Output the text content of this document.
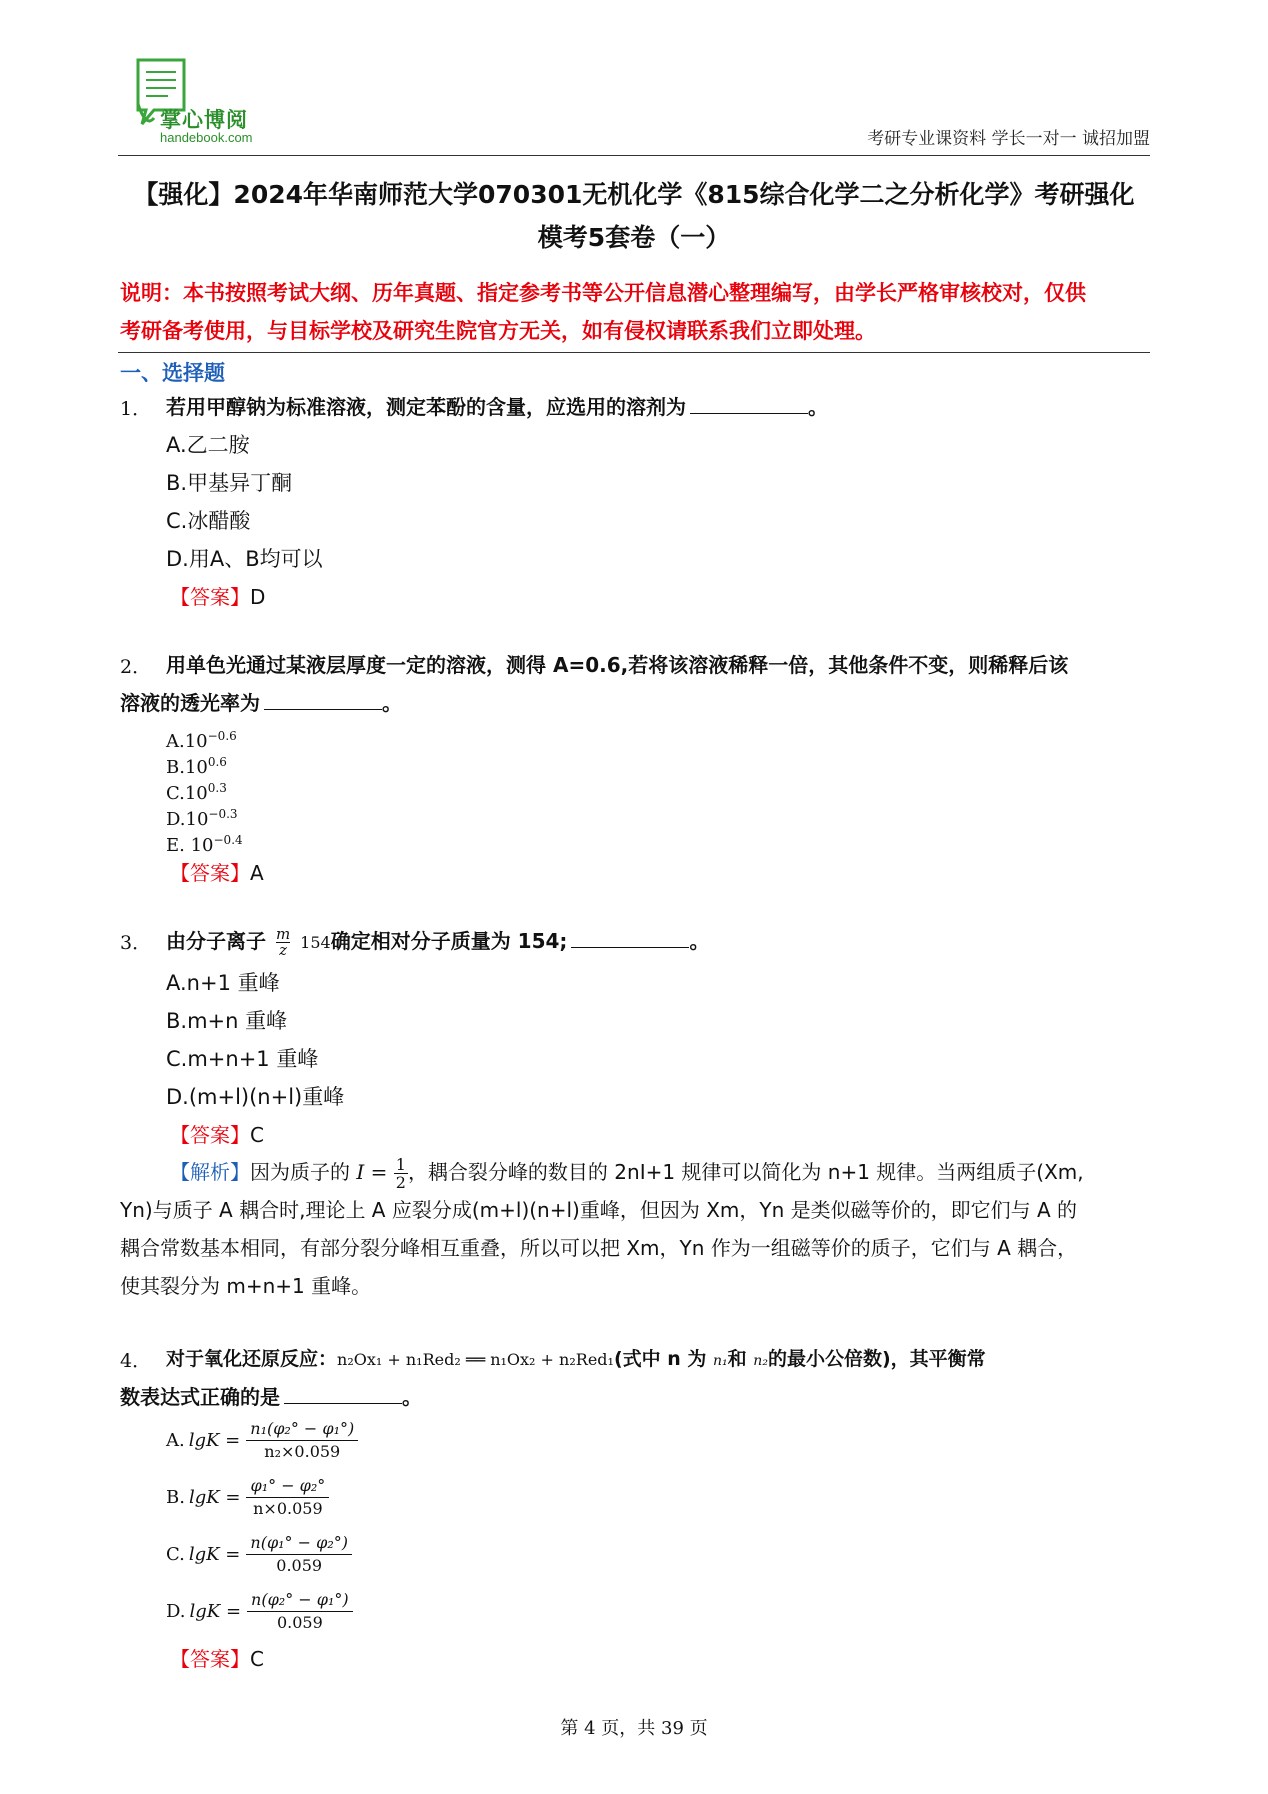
掌心博阅
handebook.com	考研专业课资料 学长一对一 诚招加盟
【强化】2024年华南师范大学070301无机化学《815综合化学二之分析化学》考研强化
模考5套卷（一）
说明：本书按照考试大纲、历年真题、指定参考书等公开信息潜心整理编写，由学长严格审核校对，仅供
考研备考使用，与目标学校及研究生院官方无关，如有侵权请联系我们立即处理。
一、选择题
1． 若用甲醇钠为标准溶液，测定苯酚的含量，应选用的溶剂为	。
A.乙二胺
B.甲基异丁酮
C.冰醋酸
D.用A、B均可以
【答案】D
2． 用单色光通过某液层厚度一定的溶液，测得 A=0.6,若将该溶液稀释一倍，其他条件不变，则稀释后该
溶液的透光率为	。
$A.10^{-0.6}$
$B.10^{0.6}$
$C.10^{0.3}$
$D.10^{-0.3}$
E. $10^{-0.4}$
【答案】A
3． 由分子离子 $\frac{m}{z} 154$确定相对分子质量为 154;	。
A.n+1 重峰
B.m+n 重峰
C.m+n+1 重峰
D.(m+l)(n+l)重峰
【答案】C
【解析】因为质子的 $I = \frac{1}{2}$ ，耦合裂分峰的数目的 2nI+1 规律可以简化为 n+1 规律。当两组质子(Xm,
Yn)与质子 A 耦合时,理论上 A 应裂分成(m+l)(n+l)重峰，但因为 Xm，Yn 是类似磁等价的，即它们与 A 的
耦合常数基本相同，有部分裂分峰相互重叠，所以可以把 Xm，Yn 作为一组磁等价的质子，它们与 A 耦合，
使其裂分为 m+n+1 重峰。
4． 对于氧化还原反应：n₂Ox₁ + n₁Red₂ ══ n₁Ox₂ + n₂Red₁(式中 n 为 n₁和 n₂的最小公倍数)，其平衡常
数表达式正确的是	。
A. $\lg K = \frac{\text{n₁(φ₂° − φ₁°)}}{\text{n₂×0.059}}$
B. $\lg K = \frac{\text{φ₁° − φ₂°}}{n\times 0.059}$
C. $\lg K = \frac{\text{n(φ₁° − φ₂°)}}{0.059}$
D. $\lg K = \frac{\text{n(φ₂° − φ₁°)}}{0.059}$
【答案】C
第 4 页，共 39 页
